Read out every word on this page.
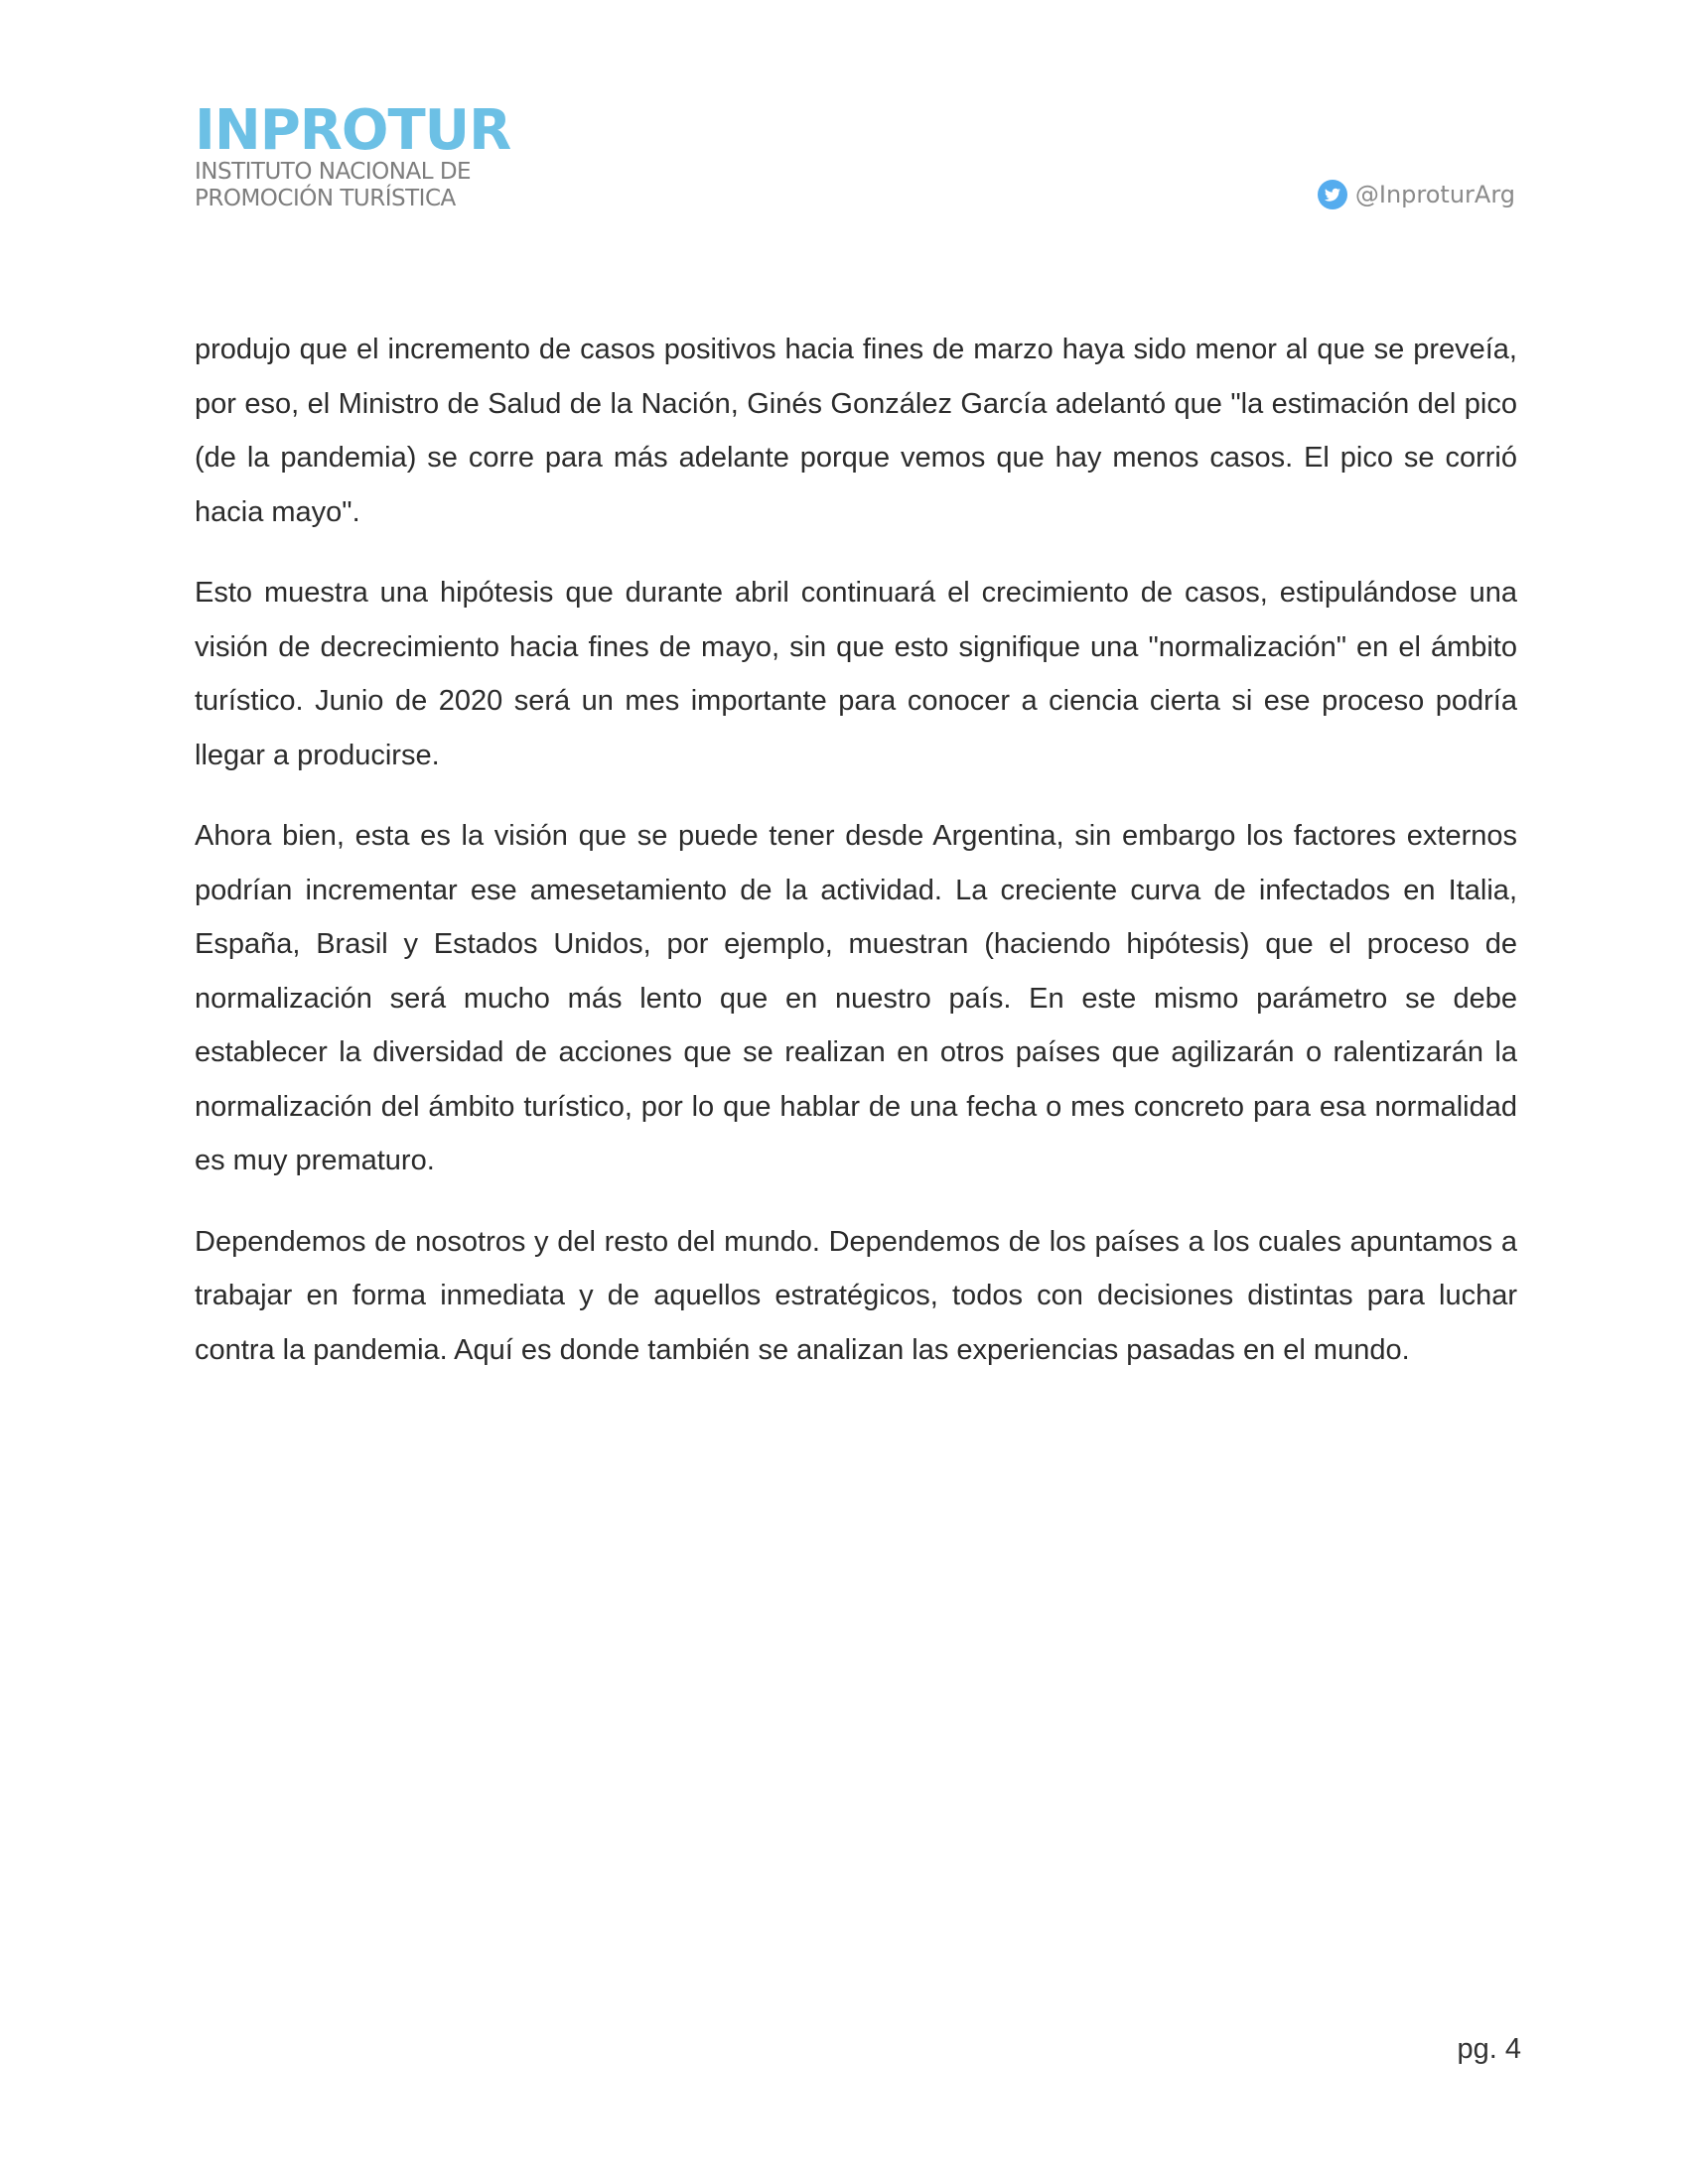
INPROTUR
INSTITUTO NACIONAL DE
PROMOCIÓN TURÍSTICA	@InproturArg

produjo que el incremento de casos positivos hacia fines de marzo haya sido menor al que se preveía, por eso, el Ministro de Salud de la Nación, Ginés González García adelantó que "la estimación del pico (de la pandemia) se corre para más adelante porque vemos que hay menos casos. El pico se corrió hacia mayo".

Esto muestra una hipótesis que durante abril continuará el crecimiento de casos, estipulándose una visión de decrecimiento hacia fines de mayo, sin que esto signifique una "normalización" en el ámbito turístico. Junio de 2020 será un mes importante para conocer a ciencia cierta si ese proceso podría llegar a producirse.

Ahora bien, esta es la visión que se puede tener desde Argentina, sin embargo los factores externos podrían incrementar ese amesetamiento de la actividad. La creciente curva de infectados en Italia, España, Brasil y Estados Unidos, por ejemplo, muestran (haciendo hipótesis) que el proceso de normalización será mucho más lento que en nuestro país. En este mismo parámetro se debe establecer la diversidad de acciones que se realizan en otros países que agilizarán o ralentizarán la normalización del ámbito turístico, por lo que hablar de una fecha o mes concreto para esa normalidad es muy prematuro.

Dependemos de nosotros y del resto del mundo. Dependemos de los países a los cuales apuntamos a trabajar en forma inmediata y de aquellos estratégicos, todos con decisiones distintas para luchar contra la pandemia. Aquí es donde también se analizan las experiencias pasadas en el mundo.

pg. 4
